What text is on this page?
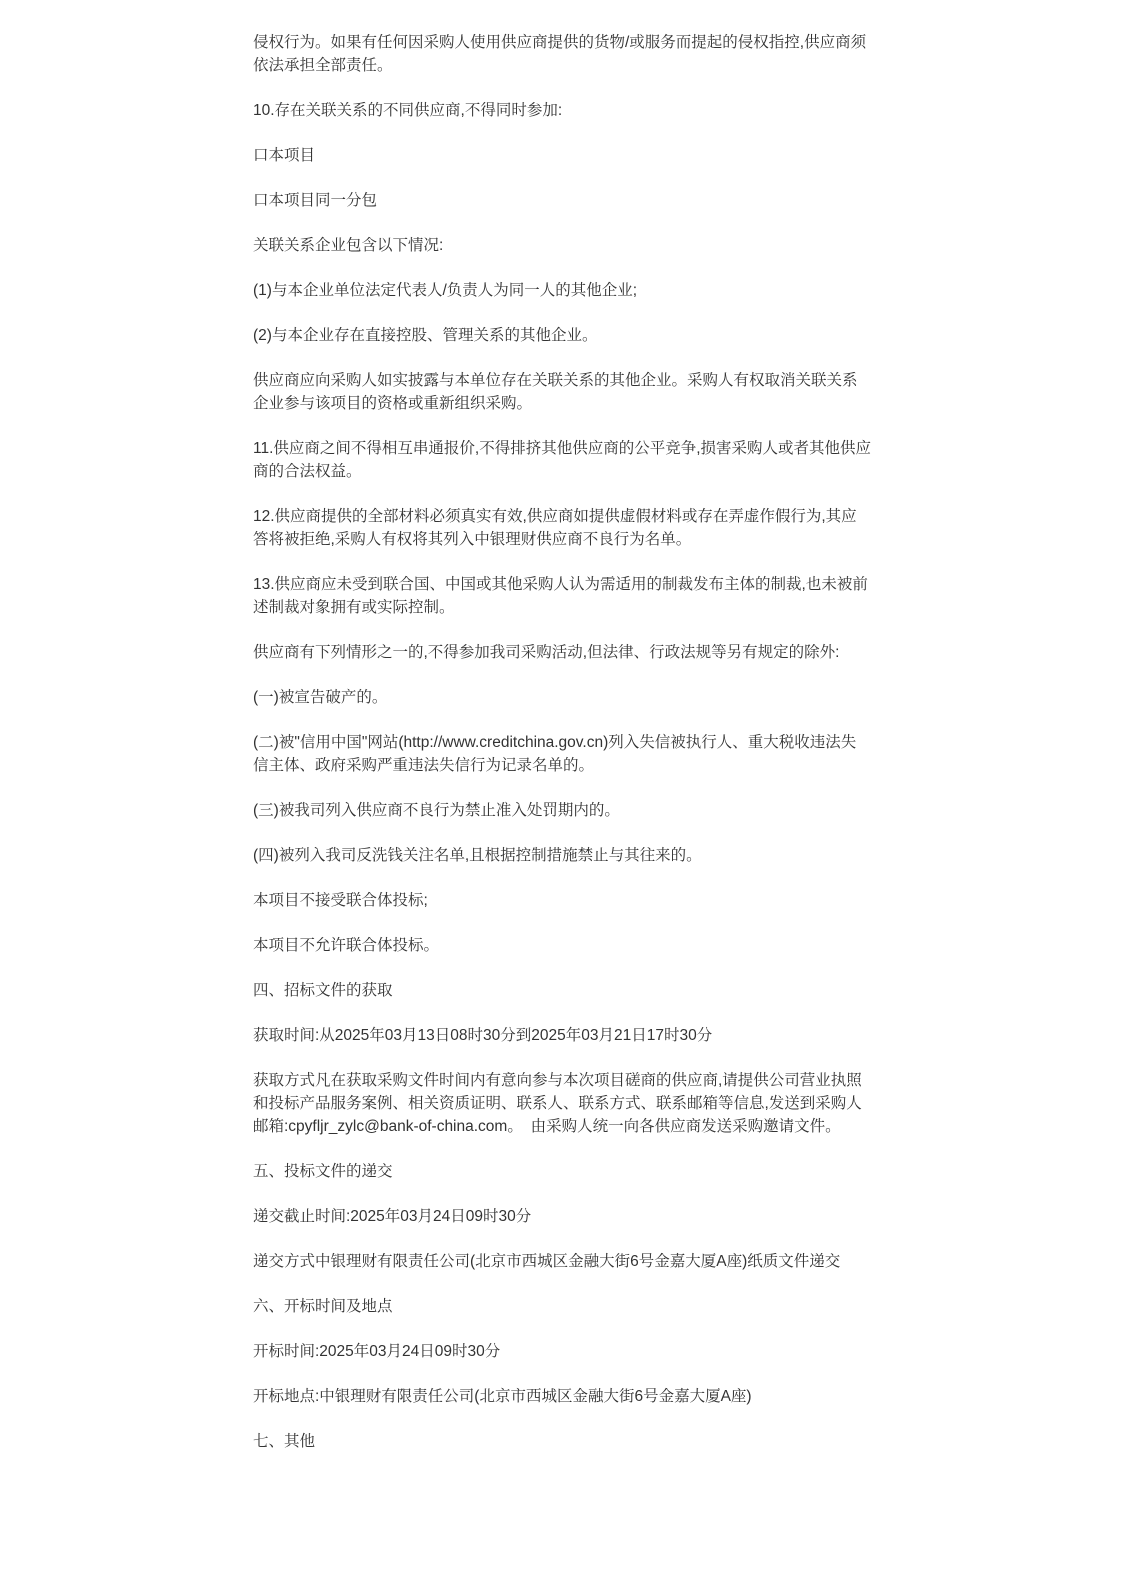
侵权行为。如果有任何因采购人使用供应商提供的货物/或服务而提起的侵权指控,供应商须依法承担全部责任。

10.存在关联关系的不同供应商,不得同时参加:

口本项目

口本项目同一分包

关联关系企业包含以下情况:

(1)与本企业单位法定代表人/负责人为同一人的其他企业;

(2)与本企业存在直接控股、管理关系的其他企业。

供应商应向采购人如实披露与本单位存在关联关系的其他企业。采购人有权取消关联关系企业参与该项目的资格或重新组织采购。

11.供应商之间不得相互串通报价,不得排挤其他供应商的公平竞争,损害采购人或者其他供应商的合法权益。

12.供应商提供的全部材料必须真实有效,供应商如提供虚假材料或存在弄虚作假行为,其应答将被拒绝,采购人有权将其列入中银理财供应商不良行为名单。

13.供应商应未受到联合国、中国或其他采购人认为需适用的制裁发布主体的制裁,也未被前述制裁对象拥有或实际控制。

供应商有下列情形之一的,不得参加我司采购活动,但法律、行政法规等另有规定的除外:

(一)被宣告破产的。

(二)被"信用中国"网站(http://www.creditchina.gov.cn)列入失信被执行人、重大税收违法失信主体、政府采购严重违法失信行为记录名单的。

(三)被我司列入供应商不良行为禁止准入处罚期内的。

(四)被列入我司反洗钱关注名单,且根据控制措施禁止与其往来的。

本项目不接受联合体投标;

本项目不允许联合体投标。

四、招标文件的获取

获取时间:从2025年03月13日08时30分到2025年03月21日17时30分

获取方式凡在获取采购文件时间内有意向参与本次项目磋商的供应商,请提供公司营业执照和投标产品服务案例、相关资质证明、联系人、联系方式、联系邮箱等信息,发送到采购人邮箱:cpyfljr_zylc@bank-of-china.com。　由采购人统一向各供应商发送采购邀请文件。

五、投标文件的递交

递交截止时间:2025年03月24日09时30分

递交方式中银理财有限责任公司(北京市西城区金融大街6号金嘉大厦A座)纸质文件递交

六、开标时间及地点

开标时间:2025年03月24日09时30分

开标地点:中银理财有限责任公司(北京市西城区金融大街6号金嘉大厦A座)

七、其他
